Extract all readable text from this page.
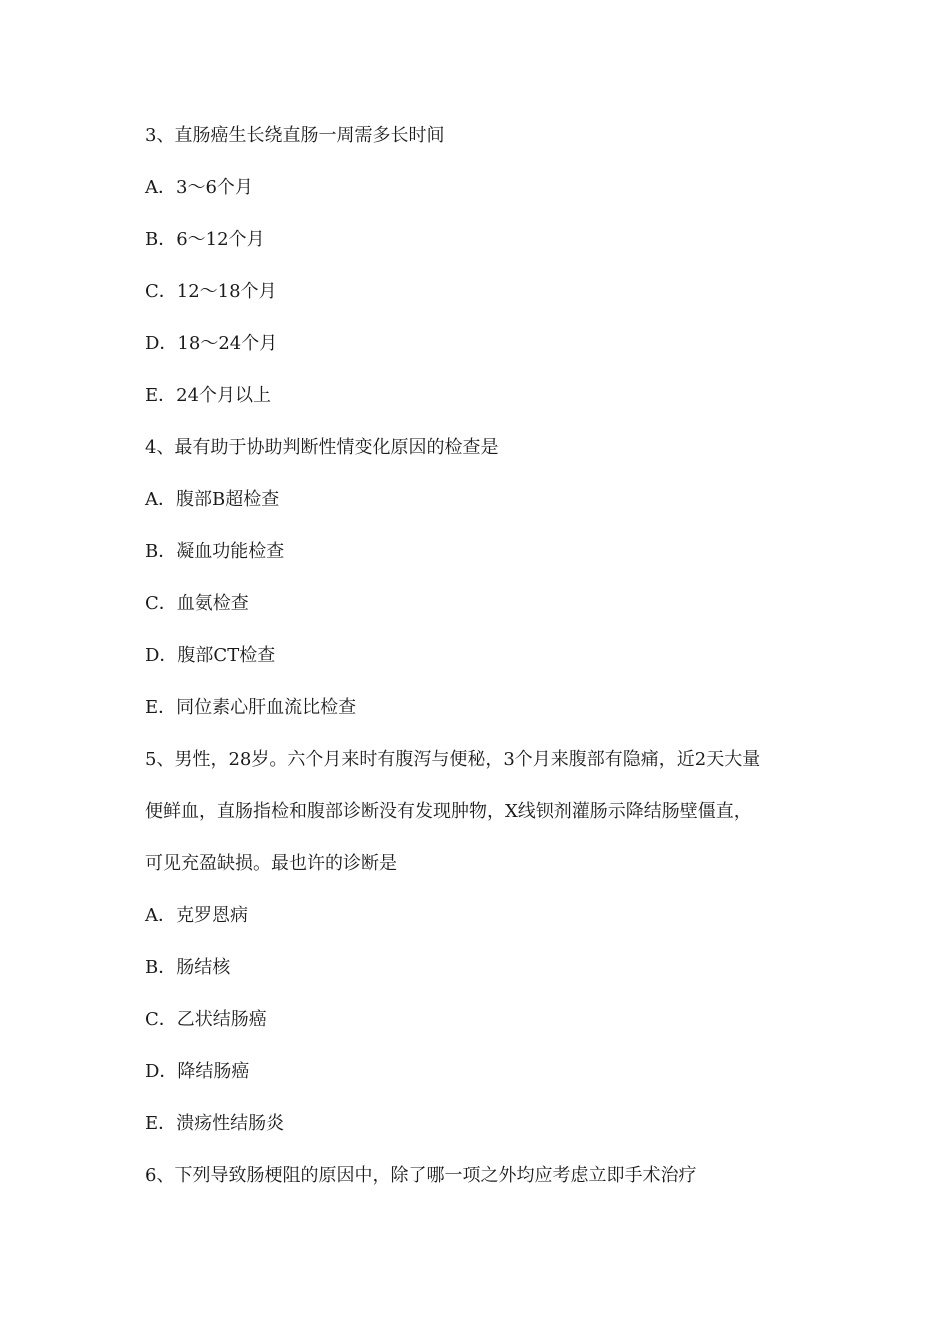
3、直肠癌生长绕直肠一周需多长时间
A．3～6个月
B．6～12个月
C．12～18个月
D．18～24个月
E．24个月以上
4、最有助于协助判断性情变化原因的检查是
A．腹部B超检查
B．凝血功能检查
C．血氨检查
D．腹部CT检查
E．同位素心肝血流比检查
5、男性，28岁。六个月来时有腹泻与便秘，3个月来腹部有隐痛，近2天大量
便鲜血，直肠指检和腹部诊断没有发现肿物，X线钡剂灌肠示降结肠壁僵直，
可见充盈缺损。最也许的诊断是
A．克罗恩病
B．肠结核
C．乙状结肠癌
D．降结肠癌
E．溃疡性结肠炎
6、下列导致肠梗阻的原因中，除了哪一项之外均应考虑立即手术治疗
